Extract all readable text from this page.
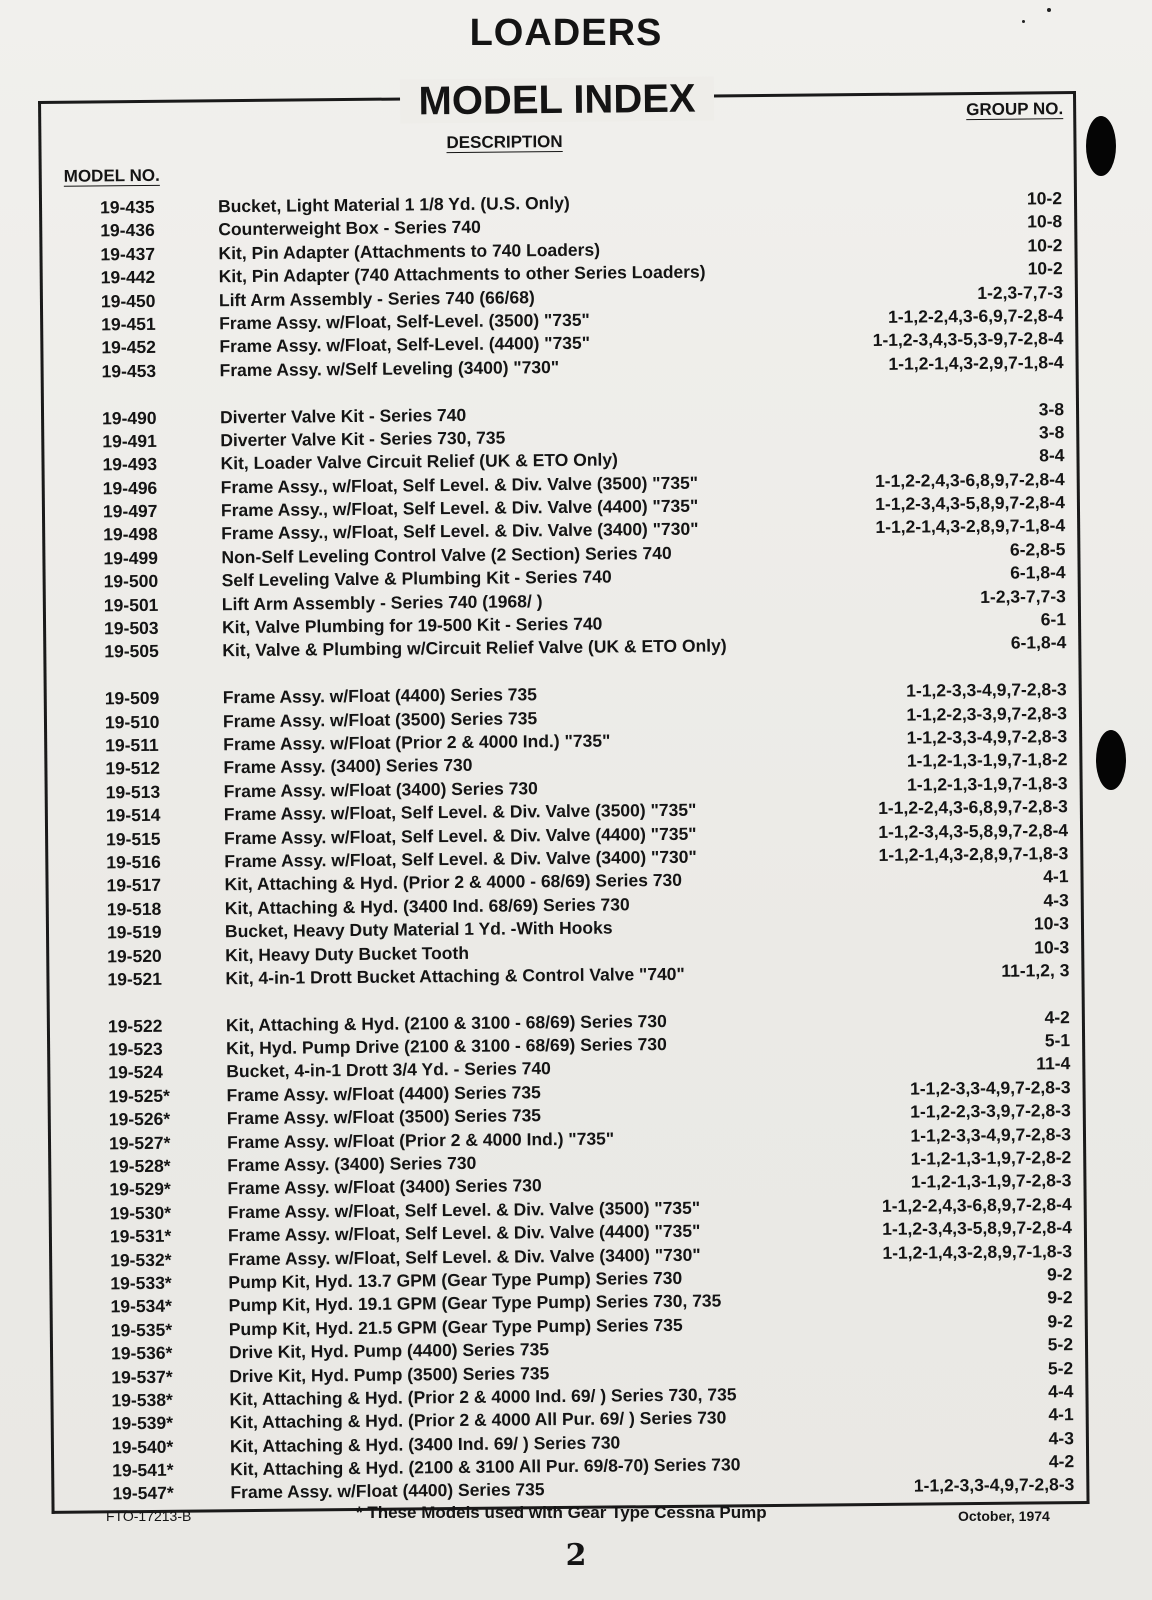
LOADERS
MODEL INDEX	GROUP NO.
DESCRIPTION
MODEL NO.
19-435	Bucket, Light Material 1 1/8 Yd. (U.S. Only)	10-2
19-436	Counterweight Box - Series 740	10-8
19-437	Kit, Pin Adapter (Attachments to 740 Loaders)	10-2
19-442	Kit, Pin Adapter (740 Attachments to other Series Loaders)	10-2
19-450	Lift Arm Assembly - Series 740 (66/68)	1-2,3-7,7-3
19-451	Frame Assy. w/Float, Self-Level. (3500) "735"	1-1,2-2,4,3-6,9,7-2,8-4
19-452	Frame Assy. w/Float, Self-Level. (4400) "735"	1-1,2-3,4,3-5,3-9,7-2,8-4
19-453	Frame Assy. w/Self Leveling (3400) "730"	1-1,2-1,4,3-2,9,7-1,8-4
19-490	Diverter Valve Kit - Series 740	3-8
19-491	Diverter Valve Kit - Series 730, 735	3-8
19-493	Kit, Loader Valve Circuit Relief (UK & ETO Only)	8-4
19-496	Frame Assy., w/Float, Self Level. & Div. Valve (3500) "735"	1-1,2-2,4,3-6,8,9,7-2,8-4
19-497	Frame Assy., w/Float, Self Level. & Div. Valve (4400) "735"	1-1,2-3,4,3-5,8,9,7-2,8-4
19-498	Frame Assy., w/Float, Self Level. & Div. Valve (3400) "730"	1-1,2-1,4,3-2,8,9,7-1,8-4
19-499	Non-Self Leveling Control Valve (2 Section) Series 740	6-2,8-5
19-500	Self Leveling Valve & Plumbing Kit - Series 740	6-1,8-4
19-501	Lift Arm Assembly - Series 740 (1968/ )	1-2,3-7,7-3
19-503	Kit, Valve Plumbing for 19-500 Kit - Series 740	6-1
19-505	Kit, Valve & Plumbing w/Circuit Relief Valve (UK & ETO Only)	6-1,8-4
19-509	Frame Assy. w/Float (4400) Series 735	1-1,2-3,3-4,9,7-2,8-3
19-510	Frame Assy. w/Float (3500) Series 735	1-1,2-2,3-3,9,7-2,8-3
19-511	Frame Assy. w/Float (Prior 2 & 4000 Ind.) "735"	1-1,2-3,3-4,9,7-2,8-3
19-512	Frame Assy. (3400) Series 730	1-1,2-1,3-1,9,7-1,8-2
19-513	Frame Assy. w/Float (3400) Series 730	1-1,2-1,3-1,9,7-1,8-3
19-514	Frame Assy. w/Float, Self Level. & Div. Valve (3500) "735"	1-1,2-2,4,3-6,8,9,7-2,8-3
19-515	Frame Assy. w/Float, Self Level. & Div. Valve (4400) "735"	1-1,2-3,4,3-5,8,9,7-2,8-4
19-516	Frame Assy. w/Float, Self Level. & Div. Valve (3400) "730"	1-1,2-1,4,3-2,8,9,7-1,8-3
19-517	Kit, Attaching & Hyd. (Prior 2 & 4000 - 68/69) Series 730	4-1
19-518	Kit, Attaching & Hyd. (3400 Ind. 68/69) Series 730	4-3
19-519	Bucket, Heavy Duty Material 1 Yd. -With Hooks	10-3
19-520	Kit, Heavy Duty Bucket Tooth	10-3
19-521	Kit, 4-in-1 Drott Bucket Attaching & Control Valve "740"	11-1,2, 3
19-522	Kit, Attaching & Hyd. (2100 & 3100 - 68/69) Series 730	4-2
19-523	Kit, Hyd. Pump Drive (2100 & 3100 - 68/69) Series 730	5-1
19-524	Bucket, 4-in-1 Drott 3/4 Yd. - Series 740	11-4
19-525*	Frame Assy. w/Float (4400) Series 735	1-1,2-3,3-4,9,7-2,8-3
19-526*	Frame Assy. w/Float (3500) Series 735	1-1,2-2,3-3,9,7-2,8-3
19-527*	Frame Assy. w/Float (Prior 2 & 4000 Ind.) "735"	1-1,2-3,3-4,9,7-2,8-3
19-528*	Frame Assy. (3400) Series 730	1-1,2-1,3-1,9,7-2,8-2
19-529*	Frame Assy. w/Float (3400) Series 730	1-1,2-1,3-1,9,7-2,8-3
19-530*	Frame Assy. w/Float, Self Level. & Div. Valve (3500) "735"	1-1,2-2,4,3-6,8,9,7-2,8-4
19-531*	Frame Assy. w/Float, Self Level. & Div. Valve (4400) "735"	1-1,2-3,4,3-5,8,9,7-2,8-4
19-532*	Frame Assy. w/Float, Self Level. & Div. Valve (3400) "730"	1-1,2-1,4,3-2,8,9,7-1,8-3
19-533*	Pump Kit, Hyd. 13.7 GPM (Gear Type Pump) Series 730	9-2
19-534*	Pump Kit, Hyd. 19.1 GPM (Gear Type Pump) Series 730, 735	9-2
19-535*	Pump Kit, Hyd. 21.5 GPM (Gear Type Pump) Series 735	9-2
19-536*	Drive Kit, Hyd. Pump (4400) Series 735	5-2
19-537*	Drive Kit, Hyd. Pump (3500) Series 735	5-2
19-538*	Kit, Attaching & Hyd. (Prior 2 & 4000 Ind. 69/ ) Series 730, 735	4-4
19-539*	Kit, Attaching & Hyd. (Prior 2 & 4000 All Pur. 69/ ) Series 730	4-1
19-540*	Kit, Attaching & Hyd. (3400 Ind. 69/ ) Series 730	4-3
19-541*	Kit, Attaching & Hyd. (2100 & 3100 All Pur. 69/8-70) Series 730	4-2
19-547*	Frame Assy. w/Float (4400) Series 735	1-1,2-3,3-4,9,7-2,8-3
FTO-17213-B	* These Models used with Gear Type Cessna Pump	October, 1974
2
